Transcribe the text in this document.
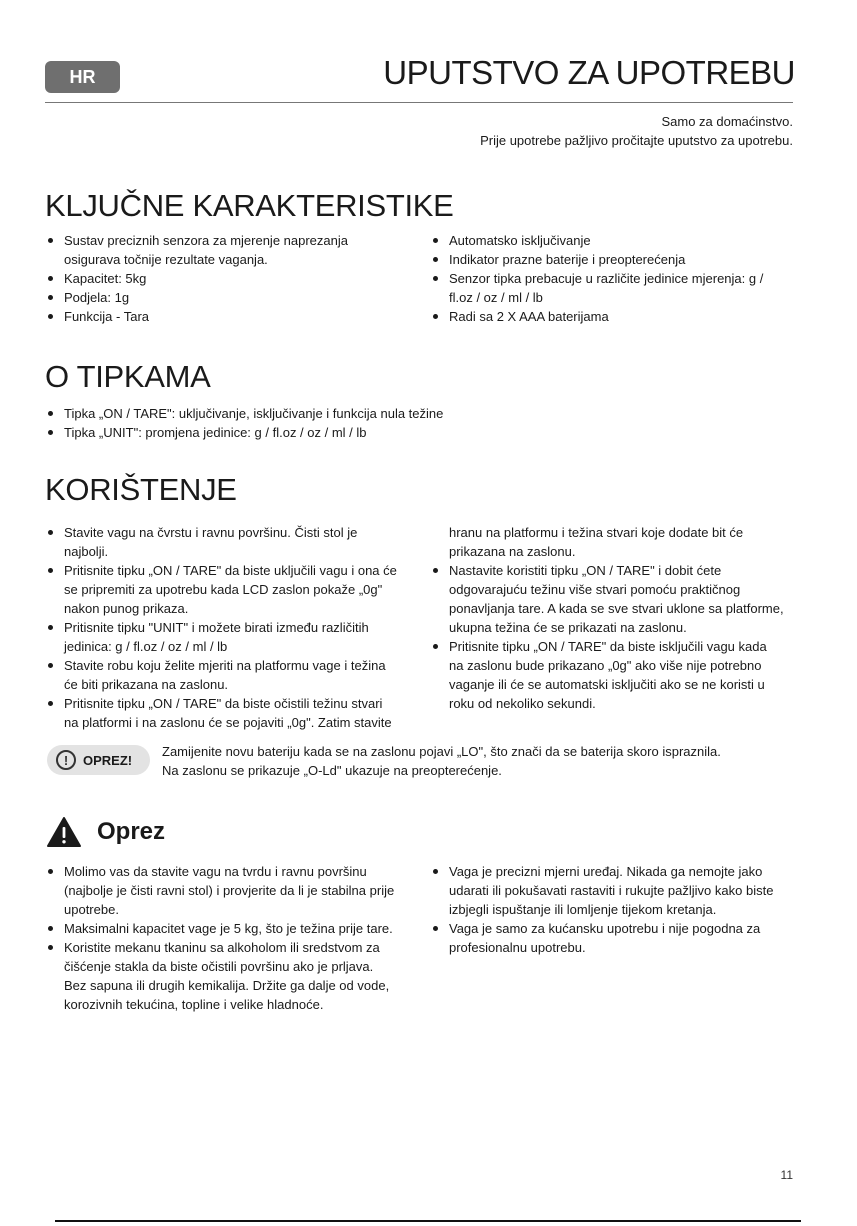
HR	UPUTSTVO ZA UPOTREBU
Samo za domaćinstvo.
Prije upotrebe pažljivo pročitajte uputstvo za upotrebu.
KLJUČNE KARAKTERISTIKE
Sustav preciznih senzora za mjerenje naprezanja
osigurava točnije rezultate vaganja.
Kapacitet: 5kg
Podjela: 1g
Funkcija - Tara
Automatsko isključivanje
Indikator prazne baterije i preopterećenja
Senzor tipka prebacuje u različite jedinice mjerenja: g /
fl.oz / oz / ml / lb
Radi sa 2 X AAA baterijama
O TIPKAMA
Tipka „ON / TARE": uključivanje, isključivanje i funkcija nula težine
Tipka „UNIT": promjena jedinice: g / fl.oz / oz / ml / lb
KORIŠTENJE
Stavite vagu na čvrstu i ravnu površinu. Čisti stol je
najbolji.
Pritisnite tipku „ON / TARE" da biste uključili vagu i ona će
se pripremiti za upotrebu kada LCD zaslon pokaže „0g"
nakon punog prikaza.
Pritisnite tipku "UNIT" i možete birati između različitih
jedinica: g / fl.oz / oz / ml / lb
Stavite robu koju želite mjeriti na platformu vage i težina
će biti prikazana na zaslonu.
Pritisnite tipku „ON / TARE" da biste očistili težinu stvari
na platformi i na zaslonu će se pojaviti „0g". Zatim stavite
hranu na platformu i težina stvari koje dodate bit će
prikazana na zaslonu.
Nastavite koristiti tipku „ON / TARE" i dobit ćete
odgovarajuću težinu više stvari pomoću praktičnog
ponavljanja tare. A kada se sve stvari uklone sa platforme,
ukupna težina će se prikazati na zaslonu.
Pritisnite tipku „ON / TARE" da biste isključili vagu kada
na zaslonu bude prikazano „0g" ako više nije potrebno
vaganje ili će se automatski isključiti ako se ne koristi u
roku od nekoliko sekundi.
!	OPREZ!
Zamijenite novu bateriju kada se na zaslonu pojavi „LO", što znači da se baterija skoro ispraznila.
Na zaslonu se prikazuje „O-Ld" ukazuje na preopterećenje.
Oprez
Molimo vas da stavite vagu na tvrdu i ravnu površinu
(najbolje je čisti ravni stol) i provjerite da li je stabilna prije
upotrebe.
Maksimalni kapacitet vage je 5 kg, što je težina prije tare.
Koristite mekanu tkaninu sa alkoholom ili sredstvom za
čišćenje stakla da biste očistili površinu ako je prljava.
Bez sapuna ili drugih kemikalija. Držite ga dalje od vode,
korozivnih tekućina, topline i velike hladnoće.
Vaga je precizni mjerni uređaj. Nikada ga nemojte jako
udarati ili pokušavati rastaviti i rukujte pažljivo kako biste
izbjegli ispuštanje ili lomljenje tijekom kretanja.
Vaga je samo za kućansku upotrebu i nije pogodna za
profesionalnu upotrebu.
11
